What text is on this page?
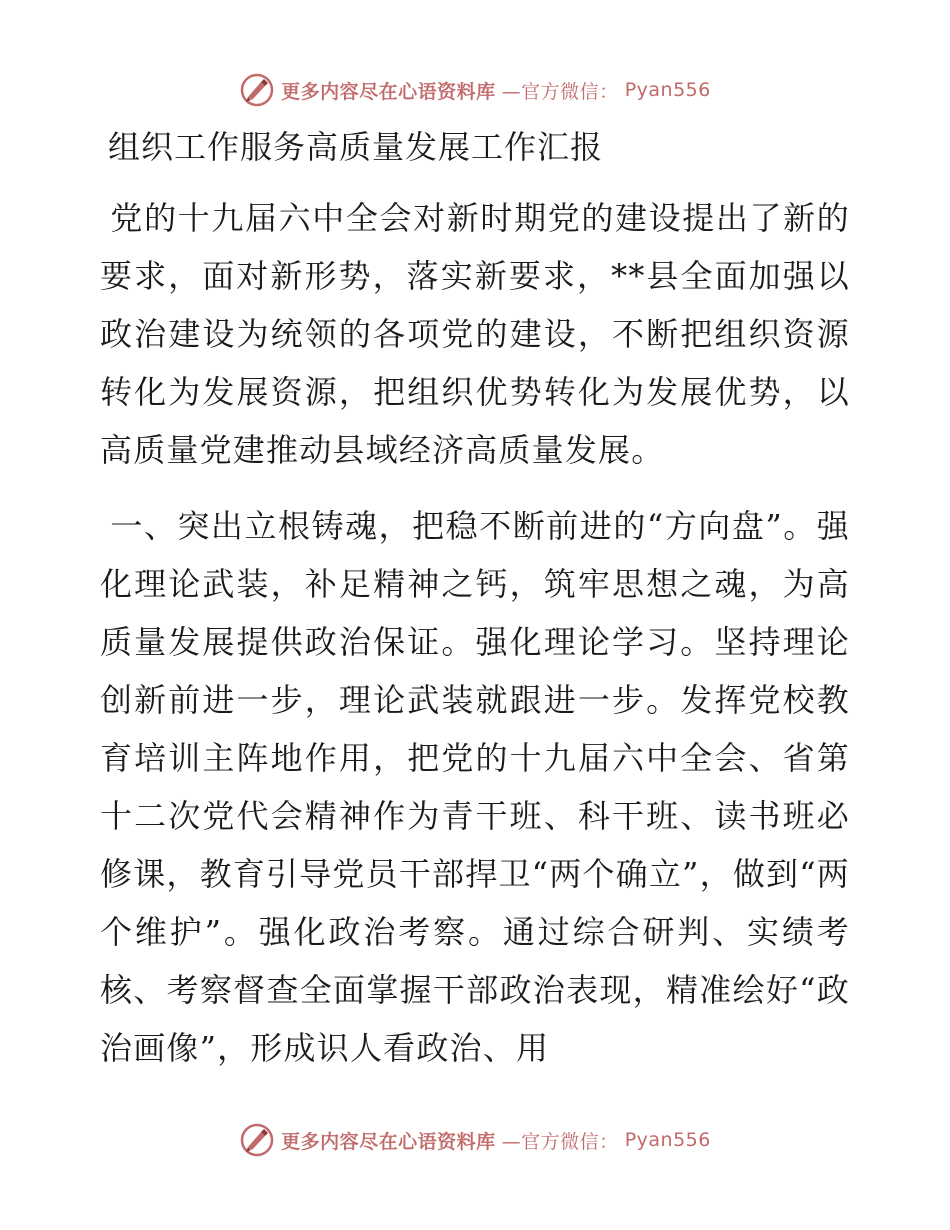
更多内容尽在心语资料库 —官方微信： Pyan556
组织工作服务高质量发展工作汇报

党的十九届六中全会对新时期党的建设提出了新的要求，面对新形势，落实新要求，**县全面加强以政治建设为统领的各项党的建设，不断把组织资源转化为发展资源，把组织优势转化为发展优势，以高质量党建推动县域经济高质量发展。

一、突出立根铸魂，把稳不断前进的“方向盘”。强化理论武装，补足精神之钙，筑牢思想之魂，为高质量发展提供政治保证。强化理论学习。坚持理论创新前进一步，理论武装就跟进一步。发挥党校教育培训主阵地作用，把党的十九届六中全会、省第十二次党代会精神作为青干班、科干班、读书班必修课，教育引导党员干部捍卫“两个确立”，做到“两个维护”。强化政治考察。通过综合研判、实绩考核、考察督查全面掌握干部政治表现，精准绘好“政治画像”，形成识人看政治、用

更多内容尽在心语资料库 —官方微信： Pyan556
